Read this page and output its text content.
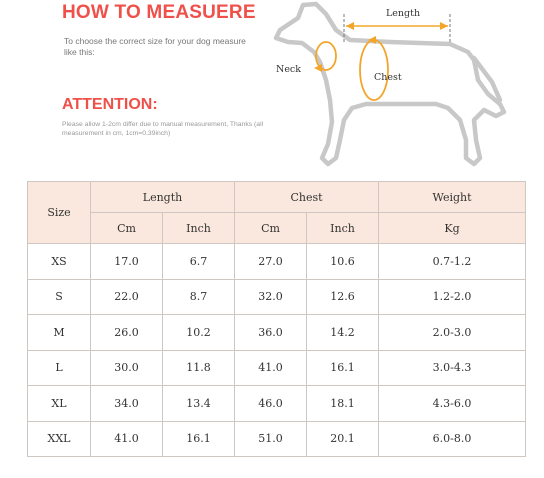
HOW TO MEASUERE
To choose the correct size for your dog measure like this:
ATTENTION:
Please allow 1-2cm differ due to manual measurement, Thanks (all measurement in cm, 1cm=0.39inch)
Length
Neck
Chest
Size	Length		Chest		Weight
	Cm	Inch	Cm	Inch	Kg
XS	17.0	6.7	27.0	10.6	0.7-1.2
S	22.0	8.7	32.0	12.6	1.2-2.0
M	26.0	10.2	36.0	14.2	2.0-3.0
L	30.0	11.8	41.0	16.1	3.0-4.3
XL	34.0	13.4	46.0	18.1	4.3-6.0
XXL	41.0	16.1	51.0	20.1	6.0-8.0
